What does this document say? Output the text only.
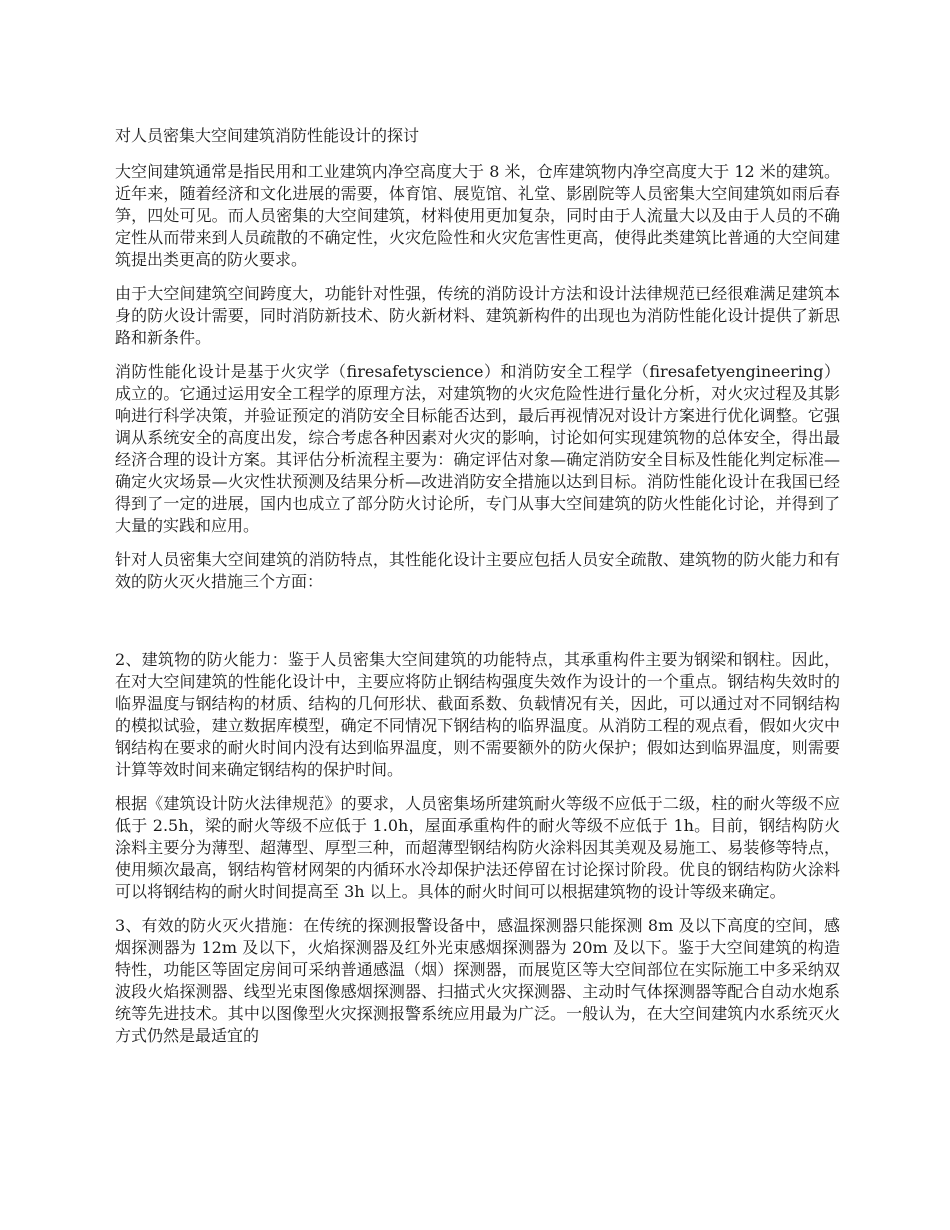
对人员密集大空间建筑消防性能设计的探讨

大空间建筑通常是指民用和工业建筑内净空高度大于 8 米，仓库建筑物内净空高度大于 12 米的建筑。近年来，随着经济和文化进展的需要，体育馆、展览馆、礼堂、影剧院等人员密集大空间建筑如雨后春笋，四处可见。而人员密集的大空间建筑，材料使用更加复杂，同时由于人流量大以及由于人员的不确定性从而带来到人员疏散的不确定性，火灾危险性和火灾危害性更高，使得此类建筑比普通的大空间建筑提出类更高的防火要求。

由于大空间建筑空间跨度大，功能针对性强，传统的消防设计方法和设计法律规范已经很难满足建筑本身的防火设计需要，同时消防新技术、防火新材料、建筑新构件的出现也为消防性能化设计提供了新思路和新条件。

消防性能化设计是基于火灾学（firesafetyscience）和消防安全工程学（firesafetyengineering）成立的。它通过运用安全工程学的原理方法，对建筑物的火灾危险性进行量化分析，对火灾过程及其影响进行科学决策，并验证预定的消防安全目标能否达到，最后再视情况对设计方案进行优化调整。它强调从系统安全的高度出发，综合考虑各种因素对火灾的影响，讨论如何实现建筑物的总体安全，得出最经济合理的设计方案。其评估分析流程主要为：确定评估对象—确定消防安全目标及性能化判定标准—确定火灾场景—火灾性状预测及结果分析—改进消防安全措施以达到目标。消防性能化设计在我国已经得到了一定的进展，国内也成立了部分防火讨论所，专门从事大空间建筑的防火性能化讨论，并得到了大量的实践和应用。

针对人员密集大空间建筑的消防特点，其性能化设计主要应包括人员安全疏散、建筑物的防火能力和有效的防火灭火措施三个方面：

2、建筑物的防火能力：鉴于人员密集大空间建筑的功能特点，其承重构件主要为钢梁和钢柱。因此，在对大空间建筑的性能化设计中，主要应将防止钢结构强度失效作为设计的一个重点。钢结构失效时的临界温度与钢结构的材质、结构的几何形状、截面系数、负载情况有关，因此，可以通过对不同钢结构的模拟试验，建立数据库模型，确定不同情况下钢结构的临界温度。从消防工程的观点看，假如火灾中钢结构在要求的耐火时间内没有达到临界温度，则不需要额外的防火保护；假如达到临界温度，则需要计算等效时间来确定钢结构的保护时间。

根据《建筑设计防火法律规范》的要求，人员密集场所建筑耐火等级不应低于二级，柱的耐火等级不应低于 2.5h，梁的耐火等级不应低于 1.0h，屋面承重构件的耐火等级不应低于 1h。目前，钢结构防火涂料主要分为薄型、超薄型、厚型三种，而超薄型钢结构防火涂料因其美观及易施工、易装修等特点，使用频次最高，钢结构管材网架的内循环水冷却保护法还停留在讨论探讨阶段。优良的钢结构防火涂料可以将钢结构的耐火时间提高至 3h 以上。具体的耐火时间可以根据建筑物的设计等级来确定。

3、有效的防火灭火措施：在传统的探测报警设备中，感温探测器只能探测 8m 及以下高度的空间，感烟探测器为 12m 及以下，火焰探测器及红外光束感烟探测器为 20m 及以下。鉴于大空间建筑的构造特性，功能区等固定房间可采纳普通感温（烟）探测器，而展览区等大空间部位在实际施工中多采纳双波段火焰探测器、线型光束图像感烟探测器、扫描式火灾探测器、主动时气体探测器等配合自动水炮系统等先进技术。其中以图像型火灾探测报警系统应用最为广泛。一般认为，在大空间建筑内水系统灭火方式仍然是最适宜的
